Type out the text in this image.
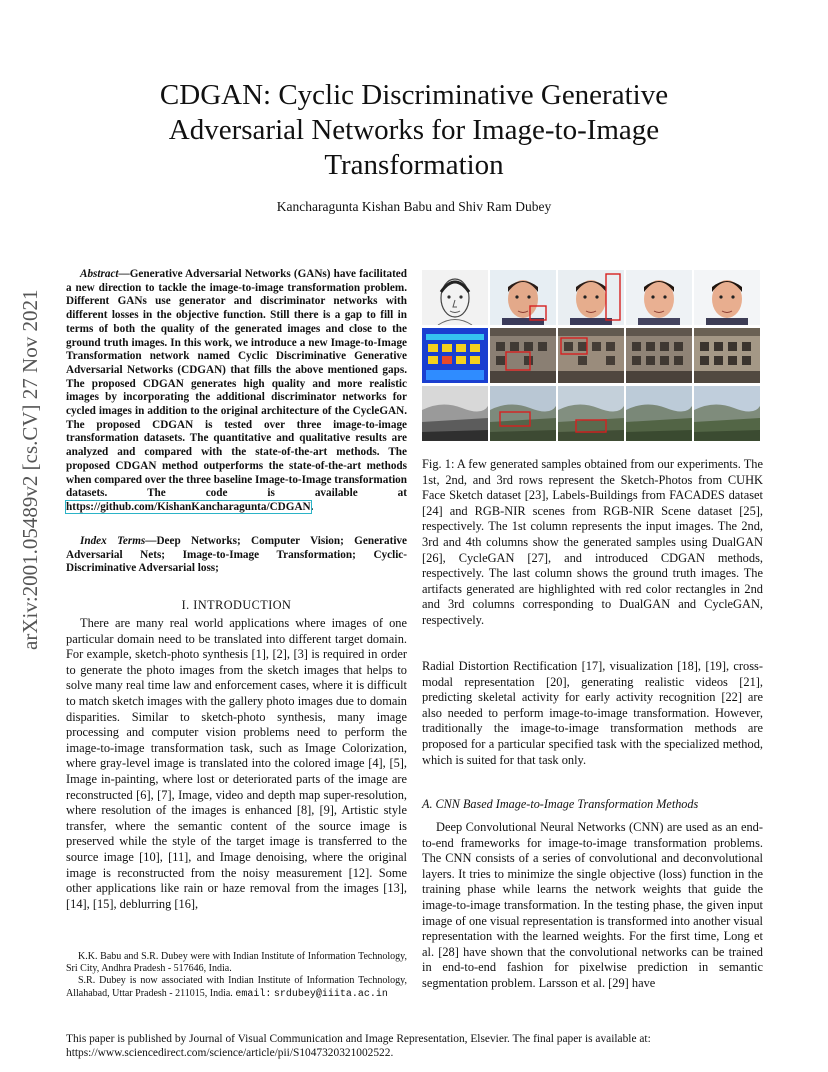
CDGAN: Cyclic Discriminative Generative Adversarial Networks for Image-to-Image Transformation
Kancharagunta Kishan Babu and Shiv Ram Dubey
arXiv:2001.05489v2 [cs.CV] 27 Nov 2021
Abstract—Generative Adversarial Networks (GANs) have facilitated a new direction to tackle the image-to-image transformation problem. Different GANs use generator and discriminator networks with different losses in the objective function. Still there is a gap to fill in terms of both the quality of the generated images and close to the ground truth images. In this work, we introduce a new Image-to-Image Transformation network named Cyclic Discriminative Generative Adversarial Networks (CDGAN) that fills the above mentioned gaps. The proposed CDGAN generates high quality and more realistic images by incorporating the additional discriminator networks for cycled images in addition to the original architecture of the CycleGAN. The proposed CDGAN is tested over three image-to-image transformation datasets. The quantitative and qualitative results are analyzed and compared with the state-of-the-art methods. The proposed CDGAN method outperforms the state-of-the-art methods when compared over the three baseline Image-to-Image transformation datasets. The code is available at https://github.com/KishanKancharagunta/CDGAN.
Index Terms—Deep Networks; Computer Vision; Generative Adversarial Nets; Image-to-Image Transformation; Cyclic-Discriminative Adversarial loss;
I. INTRODUCTION
There are many real world applications where images of one particular domain need to be translated into different target domain. For example, sketch-photo synthesis [1], [2], [3] is required in order to generate the photo images from the sketch images that helps to solve many real time law and enforcement cases, where it is difficult to match sketch images with the gallery photo images due to domain disparities. Similar to sketch-photo synthesis, many image processing and computer vision problems need to perform the image-to-image transformation task, such as Image Colorization, where gray-level image is translated into the colored image [4], [5], Image in-painting, where lost or deteriorated parts of the image are reconstructed [6], [7], Image, video and depth map super-resolution, where resolution of the images is enhanced [8], [9], Artistic style transfer, where the semantic content of the source image is preserved while the style of the target image is transferred to the source image [10], [11], and Image denoising, where the original image is reconstructed from the noisy measurement [12]. Some other applications like rain or haze removal from the images [13], [14], [15], deblurring [16],

K.K. Babu and S.R. Dubey were with Indian Institute of Information Technology, Sri City, Andhra Pradesh - 517646, India.

S.R. Dubey is now associated with Indian Institute of Information Technology, Allahabad, Uttar Pradesh - 211015, India. email: srdubey@iiita.ac.in

Fig. 1: A few generated samples obtained from our experiments. The 1st, 2nd, and 3rd rows represent the Sketch-Photos from CUHK Face Sketch dataset [23], Labels-Buildings from FACADES dataset [24] and RGB-NIR scenes from RGB-NIR Scene dataset [25], respectively. The 1st column represents the input images. The 2nd, 3rd and 4th columns show the generated samples using DualGAN [26], CycleGAN [27], and introduced CDGAN methods, respectively. The last column shows the ground truth images. The artifacts generated are highlighted with red color rectangles in 2nd and 3rd columns corresponding to DualGAN and CycleGAN, respectively.
Radial Distortion Rectification [17], visualization [18], [19], cross-modal representation [20], generating realistic videos [21], predicting skeletal activity for early activity recognition [22] are also needed to perform image-to-image transformation. However, traditionally the image-to-image transformation methods are proposed for a particular specified task with the specialized method, which is suited for that task only.
A. CNN Based Image-to-Image Transformation Methods
Deep Convolutional Neural Networks (CNN) are used as an end-to-end frameworks for image-to-image transformation problems. The CNN consists of a series of convolutional and deconvolutional layers. It tries to minimize the single objective (loss) function in the training phase while learns the network weights that guide the image-to-image transformation. In the testing phase, the given input image of one visual representation is transformed into another visual representation with the learned weights. For the first time, Long et al. [28] have shown that the convolutional networks can be trained in end-to-end fashion for pixelwise prediction in semantic segmentation problem. Larsson et al. [29] have
This paper is published by Journal of Visual Communication and Image Representation, Elsevier. The final paper is available at: https://www.sciencedirect.com/science/article/pii/S1047320321002522.
